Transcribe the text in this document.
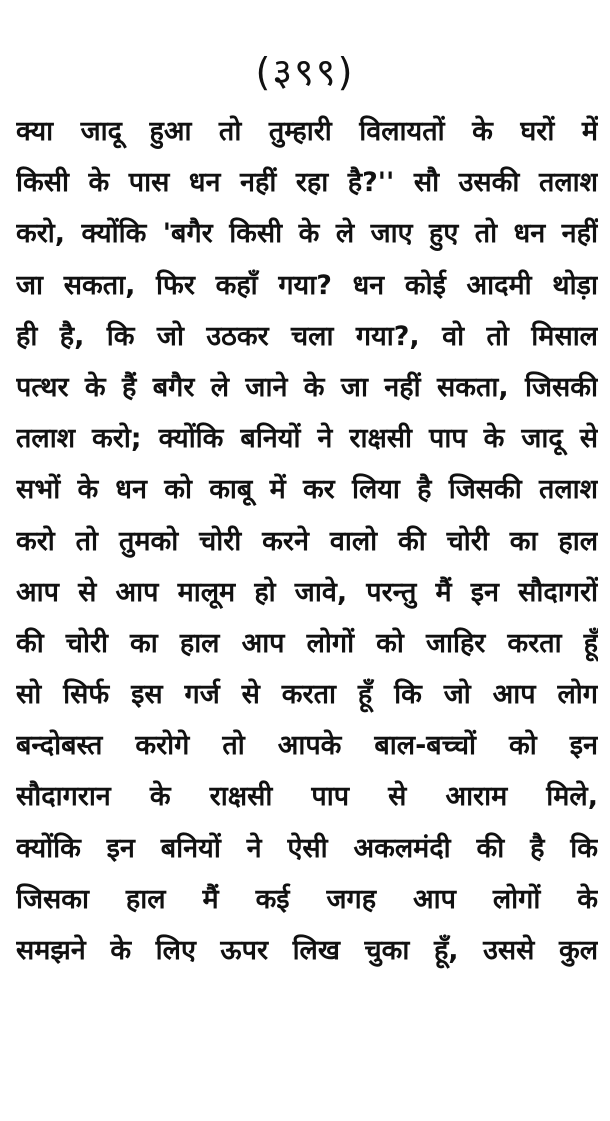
(३९९)
क्या जादू हुआ तो तुम्हारी विलायतों के घरों में
किसी के पास धन नहीं रहा है?'' सौ उसकी तलाश
करो, क्योंकि 'बगैर किसी के ले जाए हुए तो धन नहीं
जा सकता, फिर कहाँ गया? धन कोई आदमी थोड़ा
ही है, कि जो उठकर चला गया?, वो तो मिसाल
पत्थर के हैं बगैर ले जाने के जा नहीं सकता, जिसकी
तलाश करो; क्योंकि बनियों ने राक्षसी पाप के जादू से
सभों के धन को काबू में कर लिया है जिसकी तलाश
करो तो तुमको चोरी करने वालो की चोरी का हाल
आप से आप मालूम हो जावे, परन्तु मैं इन सौदागरों
की चोरी का हाल आप लोगों को जाहिर करता हूँ
सो सिर्फ इस गर्ज से करता हूँ कि जो आप लोग
बन्दोबस्त करोगे तो आपके बाल-बच्चों को इन
सौदागरान के राक्षसी पाप से आराम मिले,
क्योंकि इन बनियों ने ऐसी अकलमंदी की है कि
जिसका हाल मैं कई जगह आप लोगों के
समझने के लिए ऊपर लिख चुका हूँ, उससे कुल
